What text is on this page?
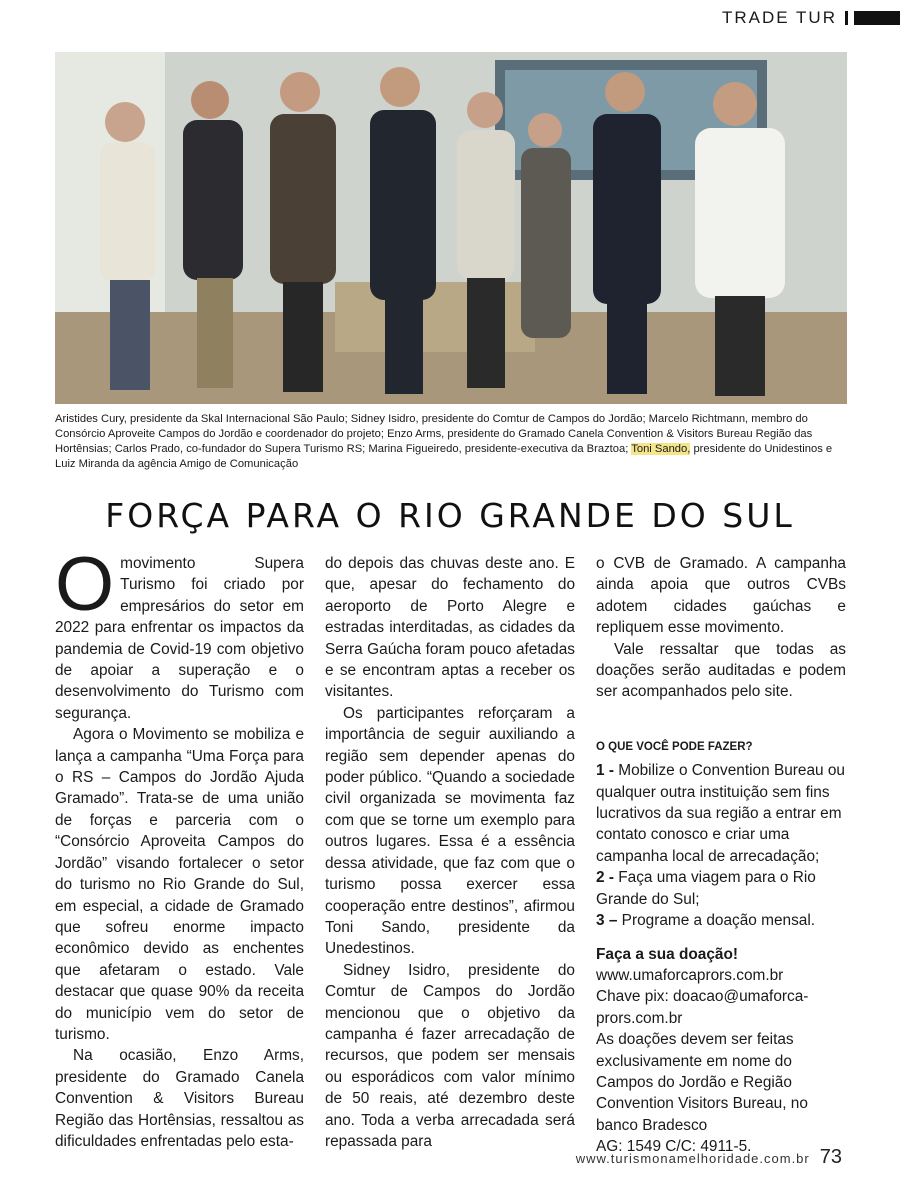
TRADE TUR
Aristides Cury, presidente da Skal Internacional São Paulo; Sidney Isidro, presidente do Comtur de Campos do Jordão; Marcelo Richtmann, membro do Consórcio Aproveite Campos do Jordão e coordenador do projeto; Enzo Arms, presidente do Gramado Canela Convention & Visitors Bureau Região das Hortênsias; Carlos Prado, co-fundador do Supera Turismo RS; Marina Figueiredo, presidente-executiva da Braztoa; Toni Sando, presidente do Unidestinos e Luiz Miranda da agência Amigo de Comunicação
FORÇA PARA O RIO GRANDE DO SUL

Omovimento Supera Turismo foi criado por empresários do setor em 2022 para enfrentar os impactos da pandemia de Covid-19 com objetivo de apoiar a superação e o desenvolvimento do Turismo com segurança.

Agora o Movimento se mobiliza e lança a campanha “Uma Força para o RS – Campos do Jordão Ajuda Gramado”. Trata-se de uma união de forças e parceria com o “Consórcio Aproveita Campos do Jordão” visando fortalecer o setor do turismo no Rio Grande do Sul, em especial, a cidade de Gramado que sofreu enorme impacto econômico devido as enchentes que afetaram o estado. Vale destacar que quase 90% da receita do município vem do setor de turismo.

Na ocasião, Enzo Arms, presidente do Gramado Canela Convention & Visitors Bureau Região das Hortênsias, ressaltou as dificuldades enfrentadas pelo esta-

do depois das chuvas deste ano. E que, apesar do fechamento do aeroporto de Porto Alegre e estradas interditadas, as cidades da Serra Gaúcha foram pouco afetadas e se encontram aptas a receber os visitantes.

Os participantes reforçaram a importância de seguir auxiliando a região sem depender apenas do poder público. “Quando a sociedade civil organizada se movimenta faz com que se torne um exemplo para outros lugares. Essa é a essência dessa atividade, que faz com que o turismo possa exercer essa cooperação entre destinos”, afirmou Toni Sando, presidente da Unedestinos.

Sidney Isidro, presidente do Comtur de Campos do Jordão mencionou que o objetivo da campanha é fazer arrecadação de recursos, que podem ser mensais ou esporádicos com valor mínimo de 50 reais, até dezembro deste ano. Toda a verba arrecadada será repassada para

o CVB de Gramado. A campanha ainda apoia que outros CVBs adotem cidades gaúchas e repliquem esse movimento.

Vale ressaltar que todas as doações serão auditadas e podem ser acompanhados pelo site.

O QUE VOCÊ PODE FAZER?

1 - Mobilize o Convention Bureau ou qualquer outra instituição sem fins lucrativos da sua região a entrar em contato conosco e criar uma campanha local de arrecadação;

2 - Faça uma viagem para o Rio Grande do Sul;

3 – Programe a doação mensal.

Faça a sua doação!

www.umaforcaprors.com.br

Chave pix: doacao@umaforca-prors.com.br

As doações devem ser feitas exclusivamente em nome do Campos do Jordão e Região Convention Visitors Bureau, no banco Bradesco

AG: 1549 C/C: 4911-5.

www.turismonamelhoridade.com.br 73
